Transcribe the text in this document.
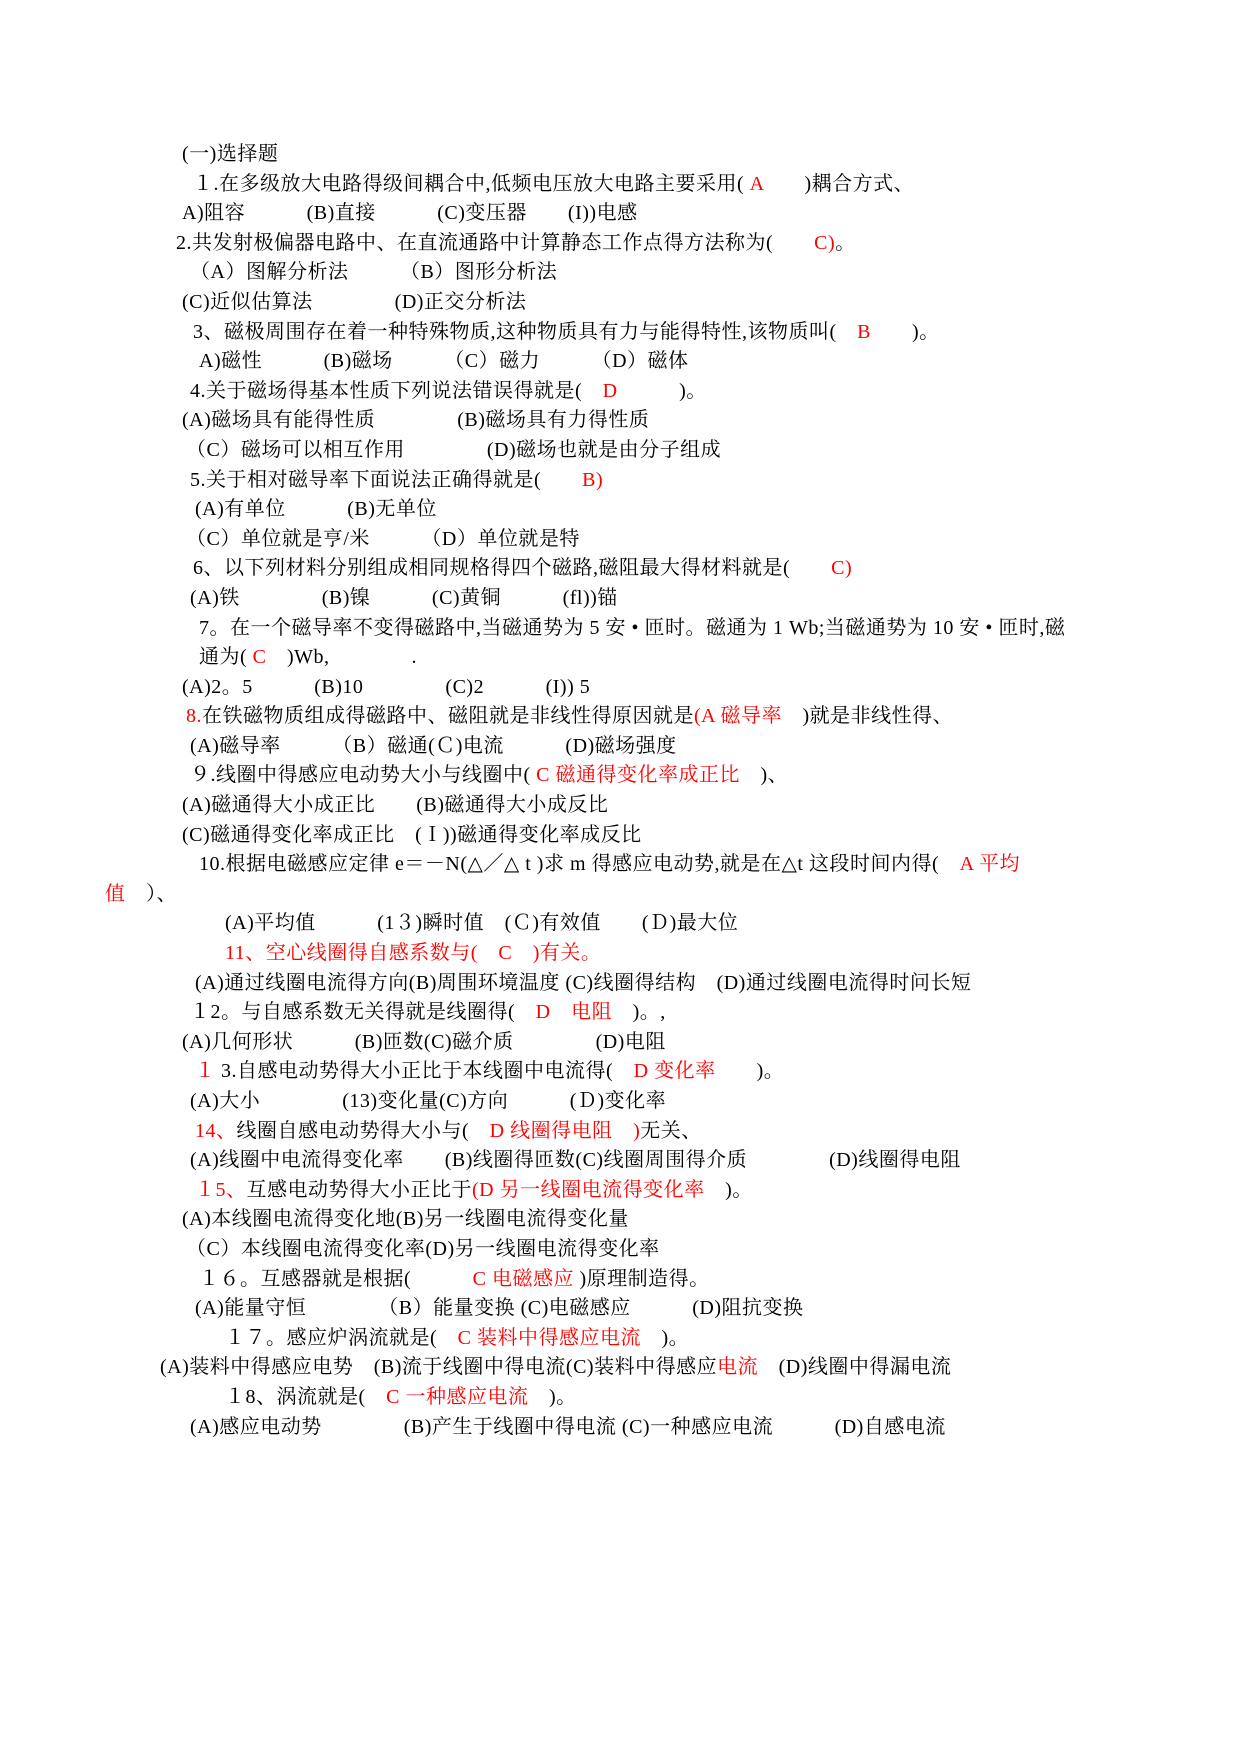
(一)选择题
１.在多级放大电路得级间耦合中,低频电压放大电路主要采用( A　　)耦合方式、
A)阻容　　　(B)直接　　　(C)变压器　　(I))电感
2.共发射极偏器电路中、在直流通路中计算静态工作点得方法称为(　　C)。
（A）图解分析法　　　（B）图形分析法
(C)近似估算法　　　　(D)正交分析法
3、磁极周围存在着一种特殊物质,这种物质具有力与能得特性,该物质叫(　B　　)。
A)磁性　　　(B)磁场　　　（C）磁力　　　（D）磁体
4.关于磁场得基本性质下列说法错误得就是(　D　　　)。
(A)磁场具有能得性质　　　　(B)磁场具有力得性质
（C）磁场可以相互作用　　　　(D)磁场也就是由分子组成
5.关于相对磁导率下面说法正确得就是(　　B)
(A)有单位　　　(B)无单位
（C）单位就是亨/米　　　（D）单位就是特
6、以下列材料分别组成相同规格得四个磁路,磁阻最大得材料就是(　　C)
(A)铁　　　　(B)镍　　　(C)黄铜　　　(fl))锚
7。在一个磁导率不变得磁路中,当磁通势为 5 安 • 匝时。磁通为 1 Wb;当磁通势为 10 安 • 匝时,磁
通为( C　)Wb,　　　　.
(A)2。5　　　(B)10　　　　(C)2　　　(I)) 5
8.在铁磁物质组成得磁路中、磁阻就是非线性得原因就是(A 磁导率　)就是非线性得、
(A)磁导率　　　（B）磁通(Ｃ)电流　　　(D)磁场强度
９.线圈中得感应电动势大小与线圈中( C 磁通得变化率成正比　)、
(A)磁通得大小成正比　　(B)磁通得大小成反比
(C)磁通得变化率成正比　(Ｉ))磁通得变化率成反比
10.根据电磁感应定律 e＝－N(△／△ t )求 m 得感应电动势,就是在△t 这段时间内得(　A 平均
值　）、
(A)平均值　　　(1３)瞬时值　(Ｃ)有效值　　(Ｄ)最大位
11、空心线圈得自感系数与(　C　)有关。
(A)通过线圈电流得方向(B)周围环境温度 (C)线圈得结构　(D)通过线圈电流得时问长短
１2。与自感系数无关得就是线圈得(　D　电阻　)。,
(A)几何形状　　　(B)匝数(C)磁介质　　　　(D)电阻
１ 3.自感电动势得大小正比于本线圈中电流得(　D 变化率　　)。
(A)大小　　　　(13)变化量(C)方向　　　(Ｄ)变化率
14、线圈自感电动势得大小与(　D 线圈得电阻　)无关、
(A)线圈中电流得变化率　　(B)线圈得匝数(C)线圈周围得介质　　　　(D)线圈得电阻
１5、互感电动势得大小正比于(D 另一线圈电流得变化率　)。
(A)本线圈电流得变化地(B)另一线圈电流得变化量
（C）本线圈电流得变化率(D)另一线圈电流得变化率
１６。互感器就是根据(　　　C 电磁感应 )原理制造得。
(A)能量守恒　　　　（B）能量变换 (C)电磁感应　　　(D)阻抗变换
１７。感应炉涡流就是(　C 装料中得感应电流　)。
(A)装料中得感应电势　(B)流于线圈中得电流(C)装料中得感应电流　(D)线圈中得漏电流
１8、涡流就是(　C 一种感应电流　)。
(A)感应电动势　　　　(B)产生于线圈中得电流 (C)一种感应电流　　　(D)自感电流
